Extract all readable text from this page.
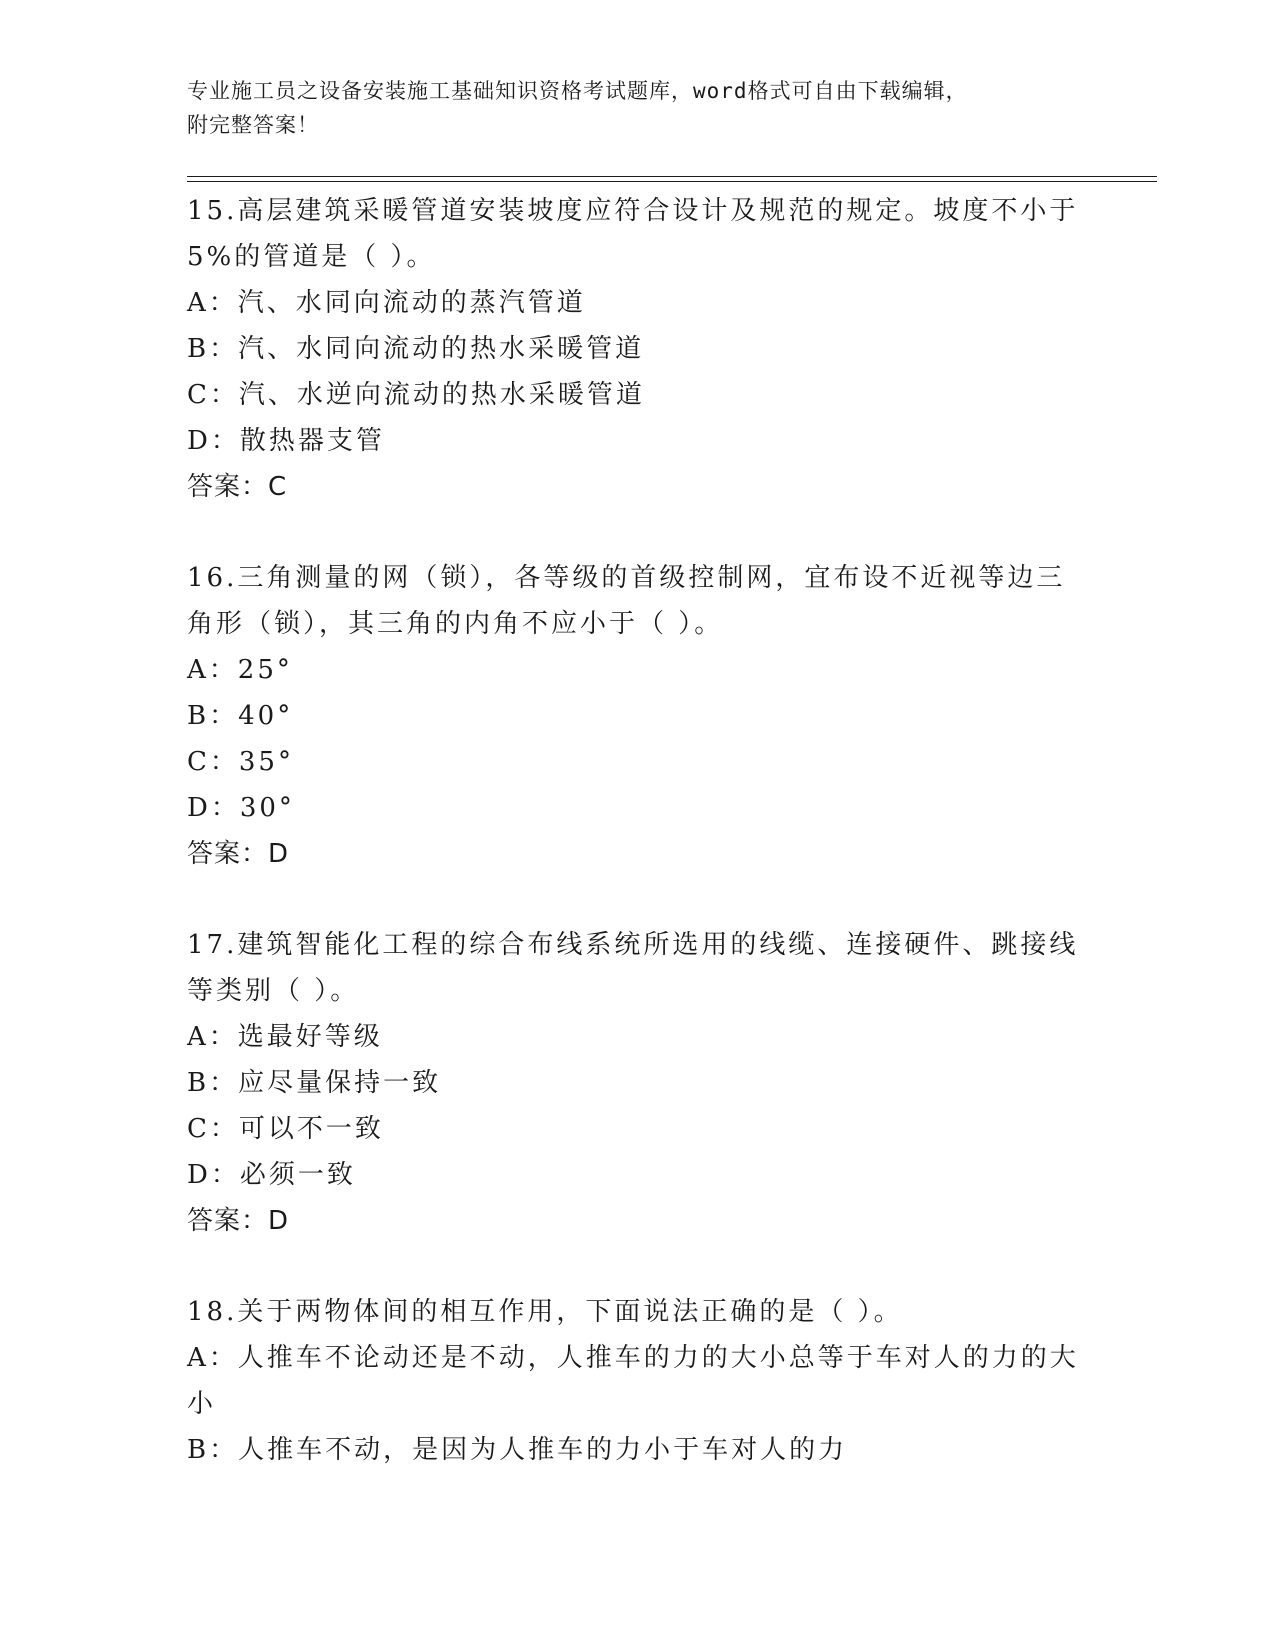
专业施工员之设备安装施工基础知识资格考试题库，word格式可自由下载编辑，
附完整答案！
15.高层建筑采暖管道安装坡度应符合设计及规范的规定。坡度不小于
5%的管道是（ ）。
A：汽、水同向流动的蒸汽管道
B：汽、水同向流动的热水采暖管道
C：汽、水逆向流动的热水采暖管道
D：散热器支管
答案：C
16.三角测量的网（锁），各等级的首级控制网，宜布设不近视等边三
角形（锁），其三角的内角不应小于（ ）。
A：25°
B：40°
C：35°
D：30°
答案：D
17.建筑智能化工程的综合布线系统所选用的线缆、连接硬件、跳接线
等类别（ ）。
A：选最好等级
B：应尽量保持一致
C：可以不一致
D：必须一致
答案：D
18.关于两物体间的相互作用，下面说法正确的是（ ）。
A：人推车不论动还是不动，人推车的力的大小总等于车对人的力的大
小
B：人推车不动，是因为人推车的力小于车对人的力
